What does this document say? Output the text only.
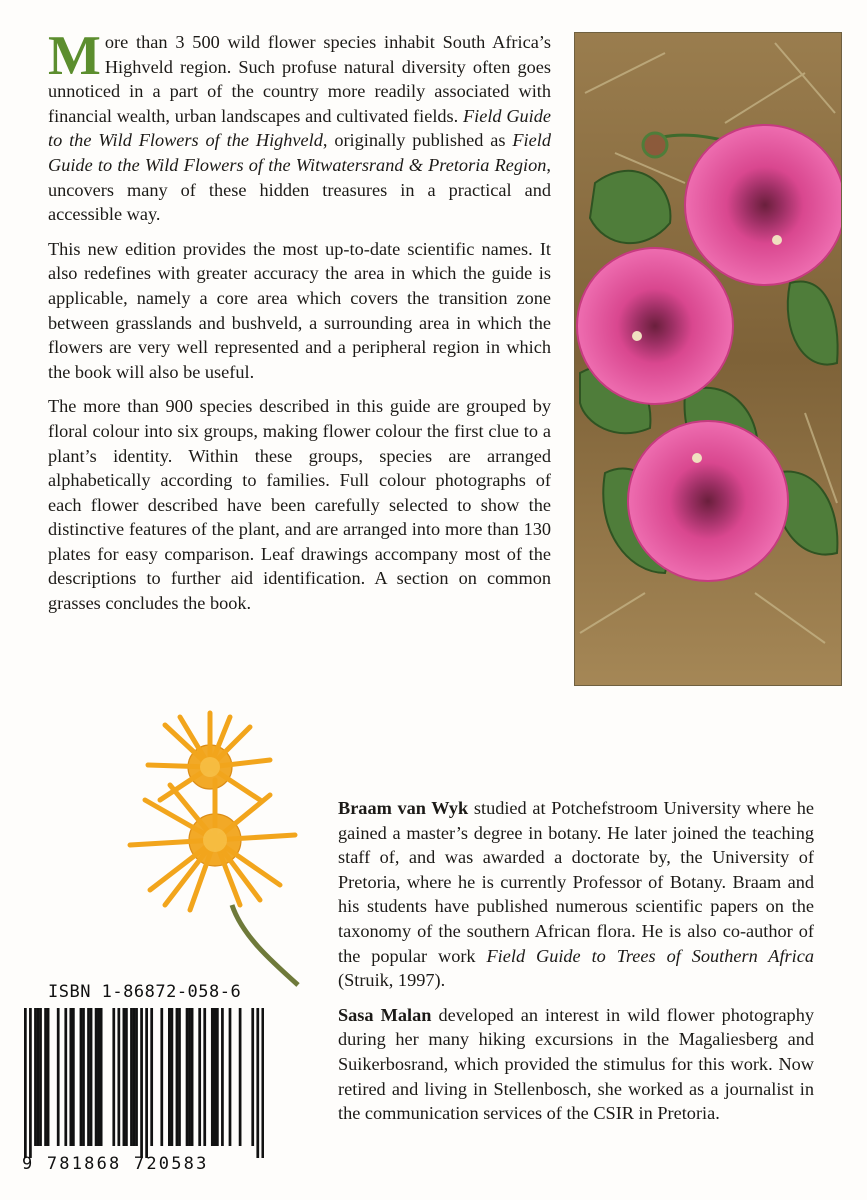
More than 3 500 wild flower species inhabit South Africa’s Highveld region. Such profuse natural diversity often goes unnoticed in a part of the country more readily associated with financial wealth, urban landscapes and cultivated fields. Field Guide to the Wild Flowers of the Highveld, originally published as Field Guide to the Wild Flowers of the Witwatersrand & Pretoria Region, uncovers many of these hidden treasures in a practical and accessible way.

This new edition provides the most up-to-date scientific names. It also redefines with greater accuracy the area in which the guide is applicable, namely a core area which covers the transition zone between grasslands and bushveld, a surrounding area in which the flowers are very well represented and a peripheral region in which the book will also be useful.

The more than 900 species described in this guide are grouped by floral colour into six groups, making flower colour the first clue to a plant’s identity. Within these groups, species are arranged alphabetically according to families. Full colour photographs of each flower described have been carefully selected to show the distinctive features of the plant, and are arranged into more than 130 plates for easy comparison. Leaf drawings accompany most of the descriptions to further aid identification. A section on common grasses concludes the book.

Braam van Wyk studied at Potchefstroom University where he gained a master’s degree in botany. He later joined the teaching staff of, and was awarded a doctorate by, the University of Pretoria, where he is currently Professor of Botany. Braam and his students have published numerous scientific papers on the taxonomy of the southern African flora. He is also co-author of the popular work Field Guide to Trees of Southern Africa (Struik, 1997).

Sasa Malan developed an interest in wild flower photography during her many hiking excursions in the Magaliesberg and Suikerbosrand, which provided the stimulus for this work. Now retired and living in Stellenbosch, she worked as a journalist in the communication services of the CSIR in Pretoria.

ISBN 1-86872-058-6
9 781868 720583
